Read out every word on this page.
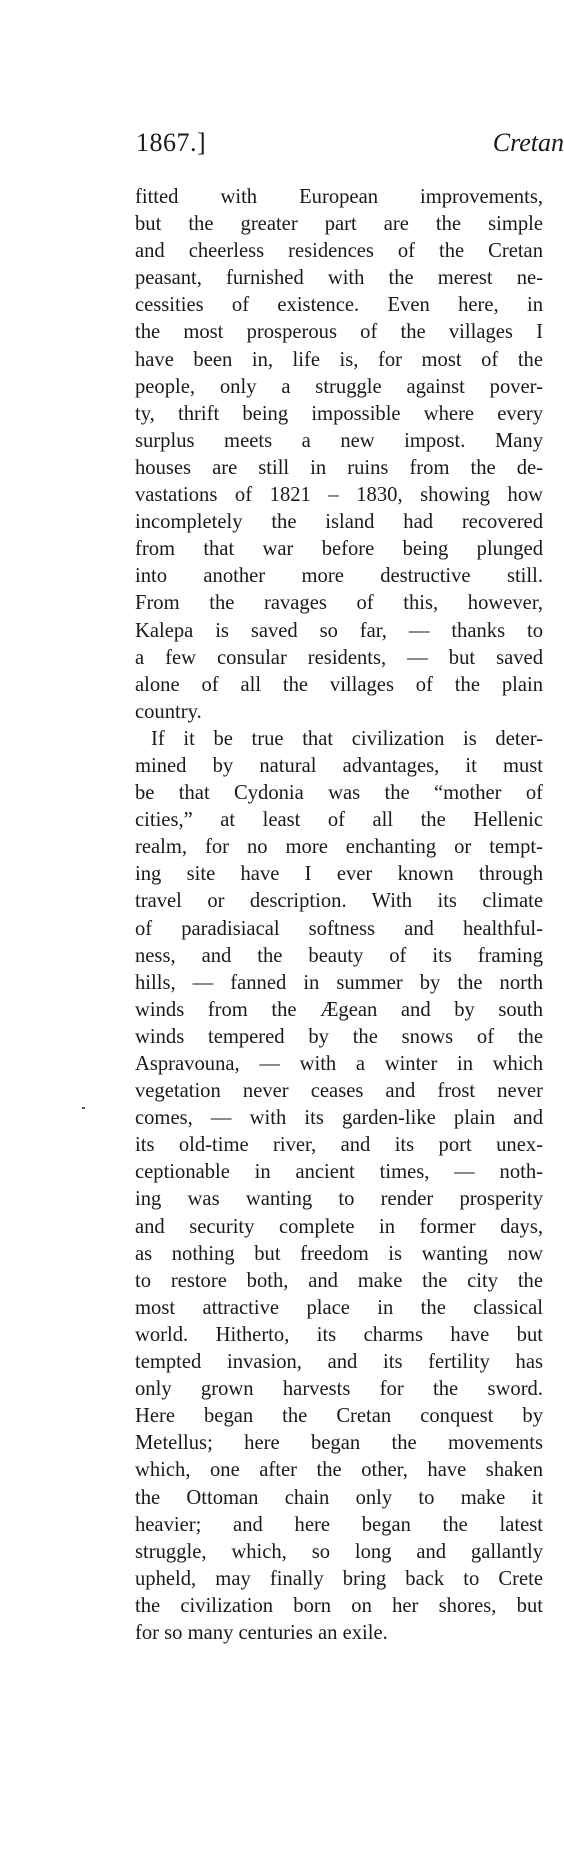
1867.]	Cretan
fitted with European improvements,
but the greater part are the simple
and cheerless residences of the Cretan
peasant, furnished with the merest ne-
cessities of existence. Even here, in
the most prosperous of the villages I
have been in, life is, for most of the
people, only a struggle against pover-
ty, thrift being impossible where every
surplus meets a new impost. Many
houses are still in ruins from the de-
vastations of 1821 – 1830, showing how
incompletely the island had recovered
from that war before being plunged
into another more destructive still.
From the ravages of this, however,
Kalepa is saved so far, — thanks to
a few consular residents, — but saved
alone of all the villages of the plain
country.
If it be true that civilization is deter-
mined by natural advantages, it must
be that Cydonia was the “mother of
cities,” at least of all the Hellenic
realm, for no more enchanting or tempt-
ing site have I ever known through
travel or description. With its climate
of paradisiacal softness and healthful-
ness, and the beauty of its framing
hills, — fanned in summer by the north
winds from the Ægean and by south
winds tempered by the snows of the
Aspravouna, — with a winter in which
vegetation never ceases and frost never
comes, — with its garden-like plain and
its old-time river, and its port unex-
ceptionable in ancient times, — noth-
ing was wanting to render prosperity
and security complete in former days,
as nothing but freedom is wanting now
to restore both, and make the city the
most attractive place in the classical
world. Hitherto, its charms have but
tempted invasion, and its fertility has
only grown harvests for the sword.
Here began the Cretan conquest by
Metellus; here began the movements
which, one after the other, have shaken
the Ottoman chain only to make it
heavier; and here began the latest
struggle, which, so long and gallantly
upheld, may finally bring back to Crete
the civilization born on her shores, but
for so many centuries an exile.
